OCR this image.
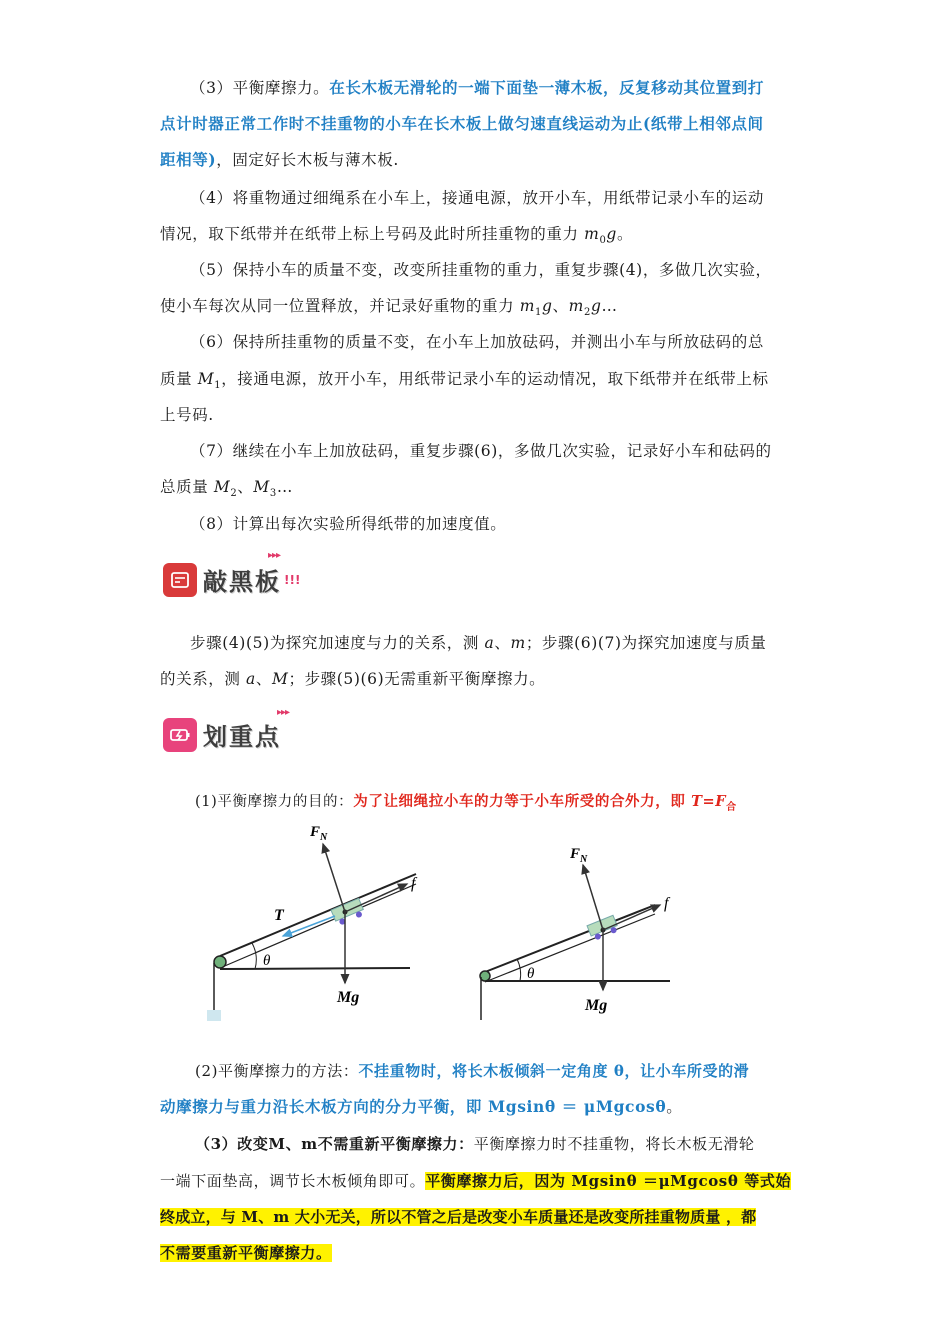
（3）平衡摩擦力。在长木板无滑轮的一端下面垫一薄木板，反复移动其位置到打
点计时器正常工作时不挂重物的小车在长木板上做匀速直线运动为止(纸带上相邻点间
距相等)，固定好长木板与薄木板.
（4）将重物通过细绳系在小车上，接通电源，放开小车，用纸带记录小车的运动
情况，取下纸带并在纸带上标上号码及此时所挂重物的重力 $m_0g$。
（5）保持小车的质量不变，改变所挂重物的重力，重复步骤(4)，多做几次实验，
使小车每次从同一位置释放，并记录好重物的重力 $m_1g$、$m_2g\dots$
（6）保持所挂重物的质量不变，在小车上加放砝码，并测出小车与所放砝码的总
质量 $M_1$，接通电源，放开小车，用纸带记录小车的运动情况，取下纸带并在纸带上标
上号码.
（7）继续在小车上加放砝码，重复步骤(6)，多做几次实验，记录好小车和砝码的
总质量 $M_2$、$M_3\dots$
（8）计算出每次实验所得纸带的加速度值。
敲黑板 !!!
▸▸▸
步骤(4)(5)为探究加速度与力的关系，测 a、m；步骤(6)(7)为探究加速度与质量
的关系，测 a、M；步骤(5)(6)无需重新平衡摩擦力。
划重点
▸▸▸
(1)平衡摩擦力的目的：为了让细绳拉小车的力等于小车所受的合外力，即 $T=F_合$
$F_N$
f
T
θ
Mg
$F_N$
f
θ
Mg
(2)平衡摩擦力的方法：不挂重物时，将长木板倾斜一定角度 θ，让小车所受的滑
动摩擦力与重力沿长木板方向的分力平衡，即 Mgsinθ ＝ μMgcosθ。
（3）改变M、m不需重新平衡摩擦力：平衡摩擦力时不挂重物，将长木板无滑轮
一端下面垫高，调节长木板倾角即可。平衡摩擦力后，因为 Mgsinθ ＝μMgcosθ 等式始
终成立，与 M、m 大小无关，所以不管之后是改变小车质量还是改变所挂重物质量 ，都
不需要重新平衡摩擦力。
